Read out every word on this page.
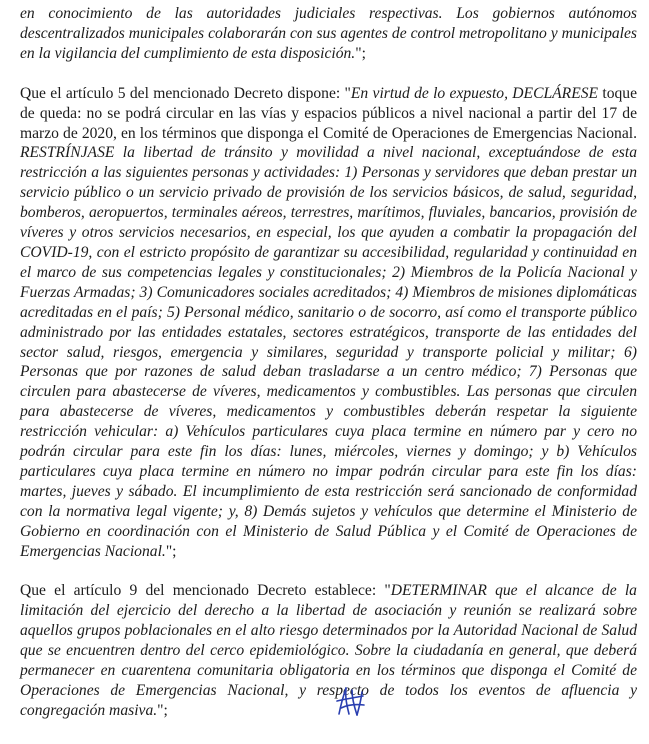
en conocimiento de las autoridades judiciales respectivas. Los gobiernos autónomos descentralizados municipales colaborarán con sus agentes de control metropolitano y municipales en la vigilancia del cumplimiento de esta disposición.";

Que el artículo 5 del mencionado Decreto dispone: "En virtud de lo expuesto, DECLÁRESE toque de queda: no se podrá circular en las vías y espacios públicos a nivel nacional a partir del 17 de marzo de 2020, en los términos que disponga el Comité de Operaciones de Emergencias Nacional. RESTRÍNJASE la libertad de tránsito y movilidad a nivel nacional, exceptuándose de esta restricción a las siguientes personas y actividades: 1) Personas y servidores que deban prestar un servicio público o un servicio privado de provisión de los servicios básicos, de salud, seguridad, bomberos, aeropuertos, terminales aéreos, terrestres, marítimos, fluviales, bancarios, provisión de víveres y otros servicios necesarios, en especial, los que ayuden a combatir la propagación del COVID-19, con el estricto propósito de garantizar su accesibilidad, regularidad y continuidad en el marco de sus competencias legales y constitucionales; 2) Miembros de la Policía Nacional y Fuerzas Armadas; 3) Comunicadores sociales acreditados; 4) Miembros de misiones diplomáticas acreditadas en el país; 5) Personal médico, sanitario o de socorro, así como el transporte público administrado por las entidades estatales, sectores estratégicos, transporte de las entidades del sector salud, riesgos, emergencia y similares, seguridad y transporte policial y militar; 6) Personas que por razones de salud deban trasladarse a un centro médico; 7) Personas que circulen para abastecerse de víveres, medicamentos y combustibles. Las personas que circulen para abastecerse de víveres, medicamentos y combustibles deberán respetar la siguiente restricción vehicular: a) Vehículos particulares cuya placa termine en número par y cero no podrán circular para este fin los días: lunes, miércoles, viernes y domingo; y b) Vehículos particulares cuya placa termine en número no impar podrán circular para este fin los días: martes, jueves y sábado. El incumplimiento de esta restricción será sancionado de conformidad con la normativa legal vigente; y, 8) Demás sujetos y vehículos que determine el Ministerio de Gobierno en coordinación con el Ministerio de Salud Pública y el Comité de Operaciones de Emergencias Nacional.";

Que el artículo 9 del mencionado Decreto establece: "DETERMINAR que el alcance de la limitación del ejercicio del derecho a la libertad de asociación y reunión se realizará sobre aquellos grupos poblacionales en el alto riesgo determinados por la Autoridad Nacional de Salud que se encuentren dentro del cerco epidemiológico. Sobre la ciudadanía en general, que deberá permanecer en cuarentena comunitaria obligatoria en los términos que disponga el Comité de Operaciones de Emergencias Nacional, y respecto de todos los eventos de afluencia y congregación masiva.";
